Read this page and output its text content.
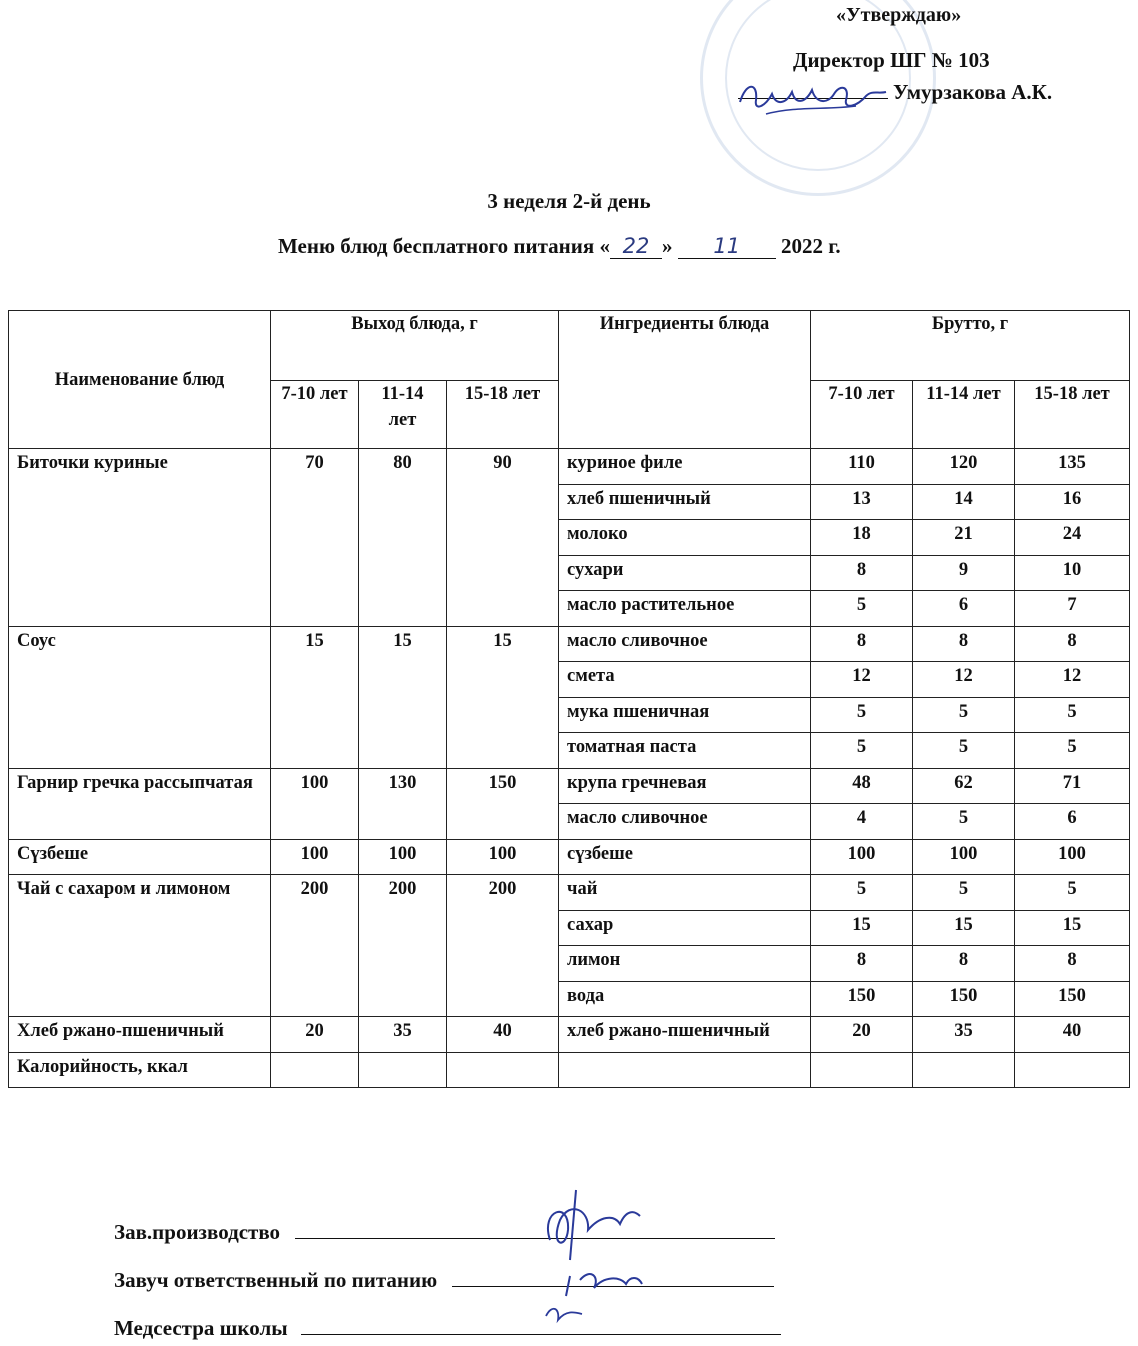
«Утверждаю»
Директор ШГ № 103
Умурзакова А.К.
3 неделя 2-й день
Меню блюд бесплатного питания « 22 » 11 2022 г.
Наименование блюд	Выход блюда, г			Ингредиенты блюда	Брутто, г		
	7-10 лет	11-14 лет	15-18 лет		7-10 лет	11-14 лет	15-18 лет
Биточки куриные	70	80	90	куриное филе	110	120	135
				хлеб пшеничный	13	14	16
				молоко	18	21	24
				сухари	8	9	10
				масло растительное	5	6	7
Соус	15	15	15	масло сливочное	8	8	8
				смета	12	12	12
				мука пшеничная	5	5	5
				томатная паста	5	5	5
Гарнир гречка рассыпчатая	100	130	150	крупа гречневая	48	62	71
				масло сливочное	4	5	6
Сүзбеше	100	100	100	сүзбеше	100	100	100
Чай с сахаром и лимоном	200	200	200	чай	5	5	5
				сахар	15	15	15
				лимон	8	8	8
				вода	150	150	150
Хлеб ржано-пшеничный	20	35	40	хлеб ржано-пшеничный	20	35	40
Калорийность, ккал							
Зав.производство
Завуч ответственный по питанию
Медсестра школы
